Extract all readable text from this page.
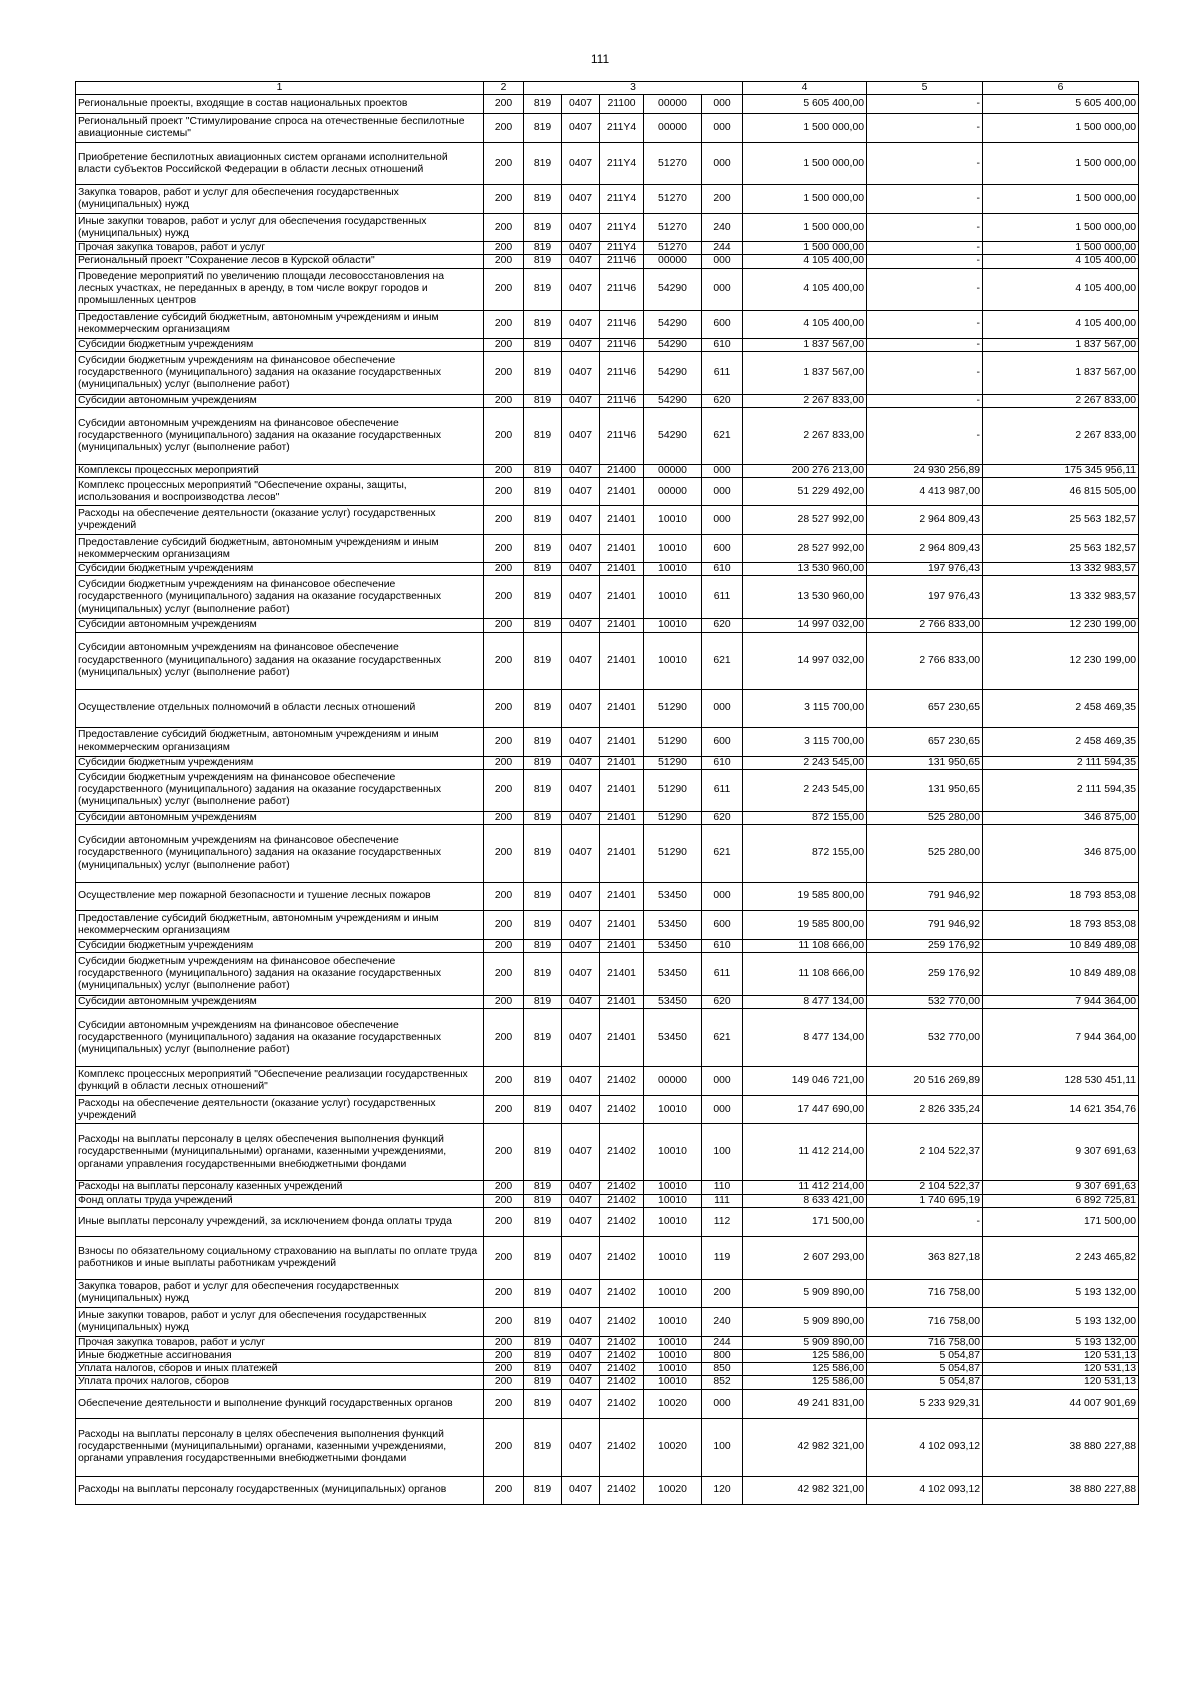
111
1	2	3					4	5	6
Региональные проекты, входящие в состав национальных проектов	200	819	0407	21100	00000	000	5 605 400,00	-	5 605 400,00
Региональный проект "Стимулирование спроса на отечественные беспилотные авиационные системы"	200	819	0407	211Y4	00000	000	1 500 000,00	-	1 500 000,00
Приобретение беспилотных авиационных систем органами исполнительной власти субъектов Российской Федерации в области лесных отношений	200	819	0407	211Y4	51270	000	1 500 000,00	-	1 500 000,00
Закупка товаров, работ и услуг для обеспечения государственных (муниципальных) нужд	200	819	0407	211Y4	51270	200	1 500 000,00	-	1 500 000,00
Иные закупки товаров, работ и услуг для обеспечения государственных (муниципальных) нужд	200	819	0407	211Y4	51270	240	1 500 000,00	-	1 500 000,00
Прочая закупка товаров, работ и услуг	200	819	0407	211Y4	51270	244	1 500 000,00	-	1 500 000,00
Региональный проект "Сохранение лесов в Курской области"	200	819	0407	211Ч6	00000	000	4 105 400,00	-	4 105 400,00
Проведение мероприятий по увеличению площади лесовосстановления на лесных участках, не переданных в аренду, в том числе вокруг городов и промышленных центров	200	819	0407	211Ч6	54290	000	4 105 400,00	-	4 105 400,00
Предоставление субсидий бюджетным, автономным учреждениям и иным некоммерческим организациям	200	819	0407	211Ч6	54290	600	4 105 400,00	-	4 105 400,00
Субсидии бюджетным учреждениям	200	819	0407	211Ч6	54290	610	1 837 567,00	-	1 837 567,00
Субсидии бюджетным учреждениям на финансовое обеспечение государственного (муниципального) задания на оказание государственных (муниципальных) услуг (выполнение работ)	200	819	0407	211Ч6	54290	611	1 837 567,00	-	1 837 567,00
Субсидии автономным учреждениям	200	819	0407	211Ч6	54290	620	2 267 833,00	-	2 267 833,00
Субсидии автономным учреждениям на финансовое обеспечение государственного (муниципального) задания на оказание государственных (муниципальных) услуг (выполнение работ)	200	819	0407	211Ч6	54290	621	2 267 833,00	-	2 267 833,00
Комплексы процессных мероприятий	200	819	0407	21400	00000	000	200 276 213,00	24 930 256,89	175 345 956,11
Комплекс процессных мероприятий "Обеспечение охраны, защиты, использования и воспроизводства лесов"	200	819	0407	21401	00000	000	51 229 492,00	4 413 987,00	46 815 505,00
Расходы на обеспечение деятельности (оказание услуг) государственных учреждений	200	819	0407	21401	10010	000	28 527 992,00	2 964 809,43	25 563 182,57
Предоставление субсидий бюджетным, автономным учреждениям и иным некоммерческим организациям	200	819	0407	21401	10010	600	28 527 992,00	2 964 809,43	25 563 182,57
Субсидии бюджетным учреждениям	200	819	0407	21401	10010	610	13 530 960,00	197 976,43	13 332 983,57
Субсидии бюджетным учреждениям на финансовое обеспечение государственного (муниципального) задания на оказание государственных (муниципальных) услуг (выполнение работ)	200	819	0407	21401	10010	611	13 530 960,00	197 976,43	13 332 983,57
Субсидии автономным учреждениям	200	819	0407	21401	10010	620	14 997 032,00	2 766 833,00	12 230 199,00
Субсидии автономным учреждениям на финансовое обеспечение государственного (муниципального) задания на оказание государственных (муниципальных) услуг (выполнение работ)	200	819	0407	21401	10010	621	14 997 032,00	2 766 833,00	12 230 199,00
Осуществление отдельных полномочий в области лесных отношений	200	819	0407	21401	51290	000	3 115 700,00	657 230,65	2 458 469,35
Предоставление субсидий бюджетным, автономным учреждениям и иным некоммерческим организациям	200	819	0407	21401	51290	600	3 115 700,00	657 230,65	2 458 469,35
Субсидии бюджетным учреждениям	200	819	0407	21401	51290	610	2 243 545,00	131 950,65	2 111 594,35
Субсидии бюджетным учреждениям на финансовое обеспечение государственного (муниципального) задания на оказание государственных (муниципальных) услуг (выполнение работ)	200	819	0407	21401	51290	611	2 243 545,00	131 950,65	2 111 594,35
Субсидии автономным учреждениям	200	819	0407	21401	51290	620	872 155,00	525 280,00	346 875,00
Субсидии автономным учреждениям на финансовое обеспечение государственного (муниципального) задания на оказание государственных (муниципальных) услуг (выполнение работ)	200	819	0407	21401	51290	621	872 155,00	525 280,00	346 875,00
Осуществление мер пожарной безопасности и тушение лесных пожаров	200	819	0407	21401	53450	000	19 585 800,00	791 946,92	18 793 853,08
Предоставление субсидий бюджетным, автономным учреждениям и иным некоммерческим организациям	200	819	0407	21401	53450	600	19 585 800,00	791 946,92	18 793 853,08
Субсидии бюджетным учреждениям	200	819	0407	21401	53450	610	11 108 666,00	259 176,92	10 849 489,08
Субсидии бюджетным учреждениям на финансовое обеспечение государственного (муниципального) задания на оказание государственных (муниципальных) услуг (выполнение работ)	200	819	0407	21401	53450	611	11 108 666,00	259 176,92	10 849 489,08
Субсидии автономным учреждениям	200	819	0407	21401	53450	620	8 477 134,00	532 770,00	7 944 364,00
Субсидии автономным учреждениям на финансовое обеспечение государственного (муниципального) задания на оказание государственных (муниципальных) услуг (выполнение работ)	200	819	0407	21401	53450	621	8 477 134,00	532 770,00	7 944 364,00
Комплекс процессных мероприятий "Обеспечение реализации государственных функций в области лесных отношений"	200	819	0407	21402	00000	000	149 046 721,00	20 516 269,89	128 530 451,11
Расходы на обеспечение деятельности (оказание услуг) государственных учреждений	200	819	0407	21402	10010	000	17 447 690,00	2 826 335,24	14 621 354,76
Расходы на выплаты персоналу в целях обеспечения выполнения функций государственными (муниципальными) органами, казенными учреждениями, органами управления государственными внебюджетными фондами	200	819	0407	21402	10010	100	11 412 214,00	2 104 522,37	9 307 691,63
Расходы на выплаты персоналу казенных учреждений	200	819	0407	21402	10010	110	11 412 214,00	2 104 522,37	9 307 691,63
Фонд оплаты труда учреждений	200	819	0407	21402	10010	111	8 633 421,00	1 740 695,19	6 892 725,81
Иные выплаты персоналу учреждений, за исключением фонда оплаты труда	200	819	0407	21402	10010	112	171 500,00	-	171 500,00
Взносы по обязательному социальному страхованию на выплаты по оплате труда работников и иные выплаты работникам учреждений	200	819	0407	21402	10010	119	2 607 293,00	363 827,18	2 243 465,82
Закупка товаров, работ и услуг для обеспечения государственных (муниципальных) нужд	200	819	0407	21402	10010	200	5 909 890,00	716 758,00	5 193 132,00
Иные закупки товаров, работ и услуг для обеспечения государственных (муниципальных) нужд	200	819	0407	21402	10010	240	5 909 890,00	716 758,00	5 193 132,00
Прочая закупка товаров, работ и услуг	200	819	0407	21402	10010	244	5 909 890,00	716 758,00	5 193 132,00
Иные бюджетные ассигнования	200	819	0407	21402	10010	800	125 586,00	5 054,87	120 531,13
Уплата налогов, сборов и иных платежей	200	819	0407	21402	10010	850	125 586,00	5 054,87	120 531,13
Уплата прочих налогов, сборов	200	819	0407	21402	10010	852	125 586,00	5 054,87	120 531,13
Обеспечение деятельности и выполнение функций государственных органов	200	819	0407	21402	10020	000	49 241 831,00	5 233 929,31	44 007 901,69
Расходы на выплаты персоналу в целях обеспечения выполнения функций государственными (муниципальными) органами, казенными учреждениями, органами управления государственными внебюджетными фондами	200	819	0407	21402	10020	100	42 982 321,00	4 102 093,12	38 880 227,88
Расходы на выплаты персоналу государственных (муниципальных) органов	200	819	0407	21402	10020	120	42 982 321,00	4 102 093,12	38 880 227,88
